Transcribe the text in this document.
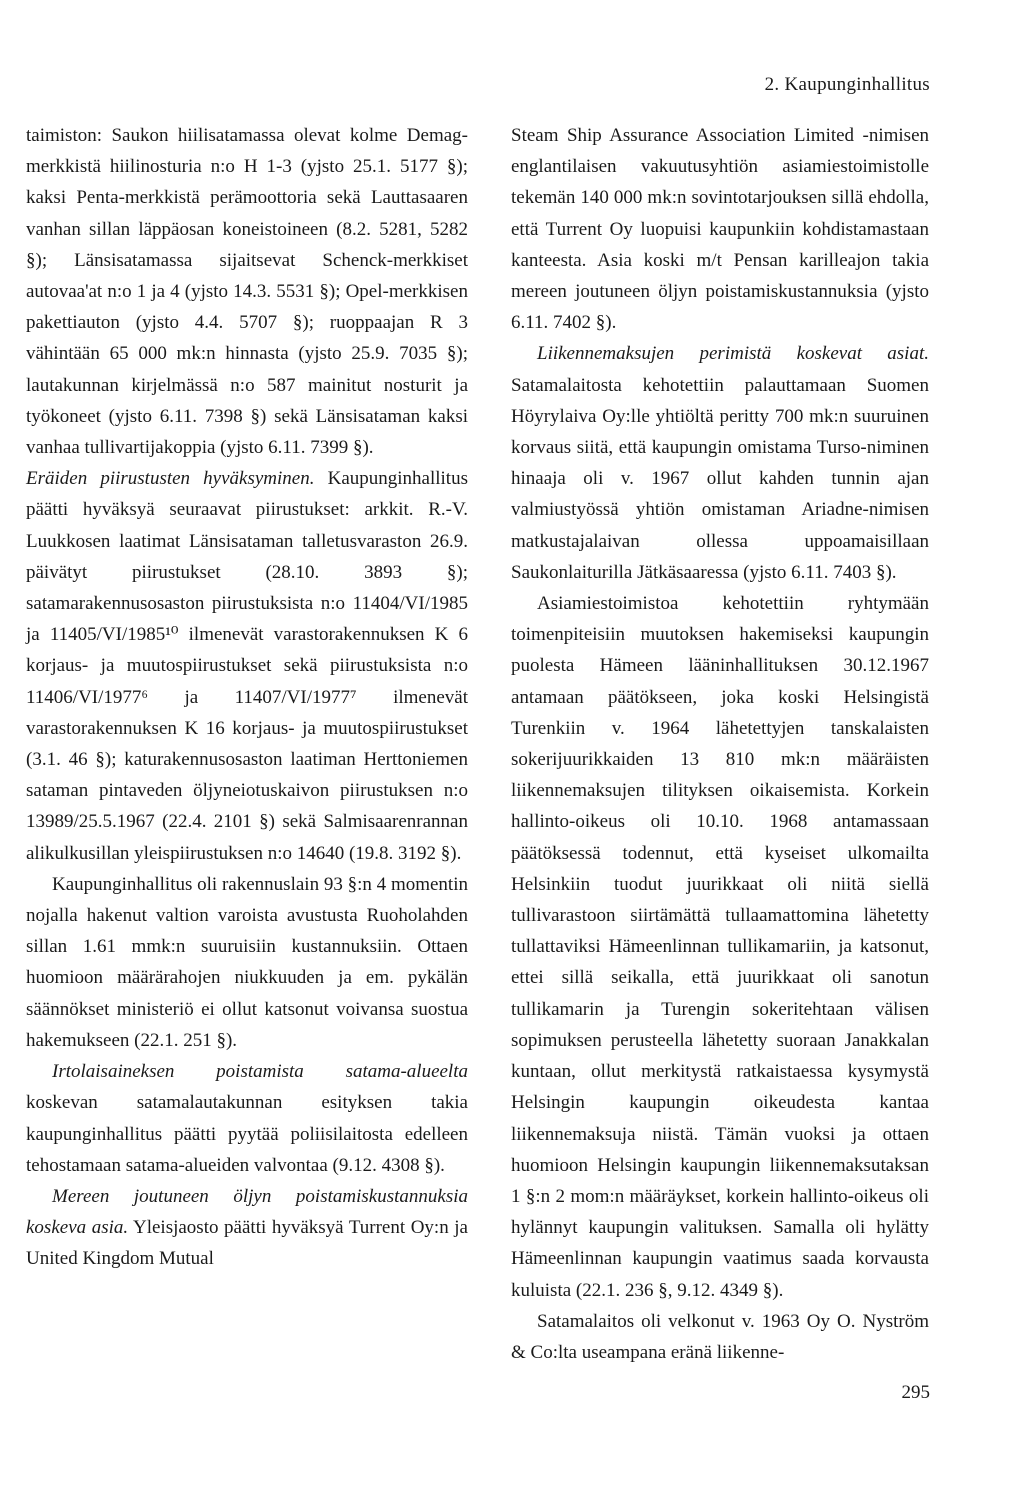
2. Kaupunginhallitus

taimiston: Saukon hiilisatamassa olevat kolme Demag-merkkistä hiilinosturia n:o H 1-3 (yjsto 25.1. 5177 §); kaksi Penta-merkkistä perämoottoria sekä Lauttasaaren vanhan sillan läppäosan koneistoineen (8.2. 5281, 5282 §); Länsisatamassa sijaitsevat Schenck-merkkiset autovaa'at n:o 1 ja 4 (yjsto 14.3. 5531 §); Opel-merkkisen pakettiauton (yjsto 4.4. 5707 §); ruoppaajan R 3 vähintään 65 000 mk:n hinnasta (yjsto 25.9. 7035 §); lautakunnan kirjelmässä n:o 587 mainitut nosturit ja työkoneet (yjsto 6.11. 7398 §) sekä Länsisataman kaksi vanhaa tullivartijakoppia (yjsto 6.11. 7399 §).

Eräiden piirustusten hyväksyminen. Kaupunginhallitus päätti hyväksyä seuraavat piirustukset: arkkit. R.-V. Luukkosen laatimat Länsisataman talletusvaraston 26.9. päivätyt piirustukset (28.10. 3893 §); satamarakennusosaston piirustuksista n:o 11404/VI/1985 ja 11405/VI/1985¹⁰ ilmenevät varastorakennuksen K 6 korjaus- ja muutospiirustukset sekä piirustuksista n:o 11406/VI/1977⁶ ja 11407/VI/1977⁷ ilmenevät varastorakennuksen K 16 korjaus- ja muutospiirustukset (3.1. 46 §); katurakennusosaston laatiman Herttoniemen sataman pintaveden öljyneiotuskaivon piirustuksen n:o 13989/25.5.1967 (22.4. 2101 §) sekä Salmisaarenrannan alikulkusillan yleispiirustuksen n:o 14640 (19.8. 3192 §).

Kaupunginhallitus oli rakennuslain 93 §:n 4 momentin nojalla hakenut valtion varoista avustusta Ruoholahden sillan 1.61 mmk:n suuruisiin kustannuksiin. Ottaen huomioon määrärahojen niukkuuden ja em. pykälän säännökset ministeriö ei ollut katsonut voivansa suostua hakemukseen (22.1. 251 §).

Irtolaisaineksen poistamista satama-alueelta koskevan satamalautakunnan esityksen takia kaupunginhallitus päätti pyytää poliisilaitosta edelleen tehostamaan satama-alueiden valvontaa (9.12. 4308 §).

Mereen joutuneen öljyn poistamiskustannuksia koskeva asia. Yleisjaosto päätti hyväksyä Turrent Oy:n ja United Kingdom Mutual

Steam Ship Assurance Association Limited -nimisen englantilaisen vakuutusyhtiön asiamiestoimistolle tekemän 140 000 mk:n sovintotarjouksen sillä ehdolla, että Turrent Oy luopuisi kaupunkiin kohdistamastaan kanteesta. Asia koski m/t Pensan karilleajon takia mereen joutuneen öljyn poistamiskustannuksia (yjsto 6.11. 7402 §).

Liikennemaksujen perimistä koskevat asiat. Satamalaitosta kehotettiin palauttamaan Suomen Höyrylaiva Oy:lle yhtiöltä peritty 700 mk:n suuruinen korvaus siitä, että kaupungin omistama Turso-niminen hinaaja oli v. 1967 ollut kahden tunnin ajan valmiustyössä yhtiön omistaman Ariadne-nimisen matkustajalaivan ollessa uppoamaisillaan Saukonlaiturilla Jätkäsaaressa (yjsto 6.11. 7403 §).

Asiamiestoimistoa kehotettiin ryhtymään toimenpiteisiin muutoksen hakemiseksi kaupungin puolesta Hämeen lääninhallituksen 30.12.1967 antamaan päätökseen, joka koski Helsingistä Turenkiin v. 1964 lähetettyjen tanskalaisten sokerijuurikkaiden 13 810 mk:n määräisten liikennemaksujen tilityksen oikaisemista. Korkein hallinto-oikeus oli 10.10. 1968 antamassaan päätöksessä todennut, että kyseiset ulkomailta Helsinkiin tuodut juurikkaat oli niitä siellä tullivarastoon siirtämättä tullaamattomina lähetetty tullattaviksi Hämeenlinnan tullikamariin, ja katsonut, ettei sillä seikalla, että juurikkaat oli sanotun tullikamarin ja Turengin sokeritehtaan välisen sopimuksen perusteella lähetetty suoraan Janakkalan kuntaan, ollut merkitystä ratkaistaessa kysymystä Helsingin kaupungin oikeudesta kantaa liikennemaksuja niistä. Tämän vuoksi ja ottaen huomioon Helsingin kaupungin liikennemaksutaksan 1 §:n 2 mom:n määräykset, korkein hallinto-oikeus oli hylännyt kaupungin valituksen. Samalla oli hylätty Hämeenlinnan kaupungin vaatimus saada korvausta kuluista (22.1. 236 §, 9.12. 4349 §).

Satamalaitos oli velkonut v. 1963 Oy O. Nyström & Co:lta useampana eränä liikenne-

295
